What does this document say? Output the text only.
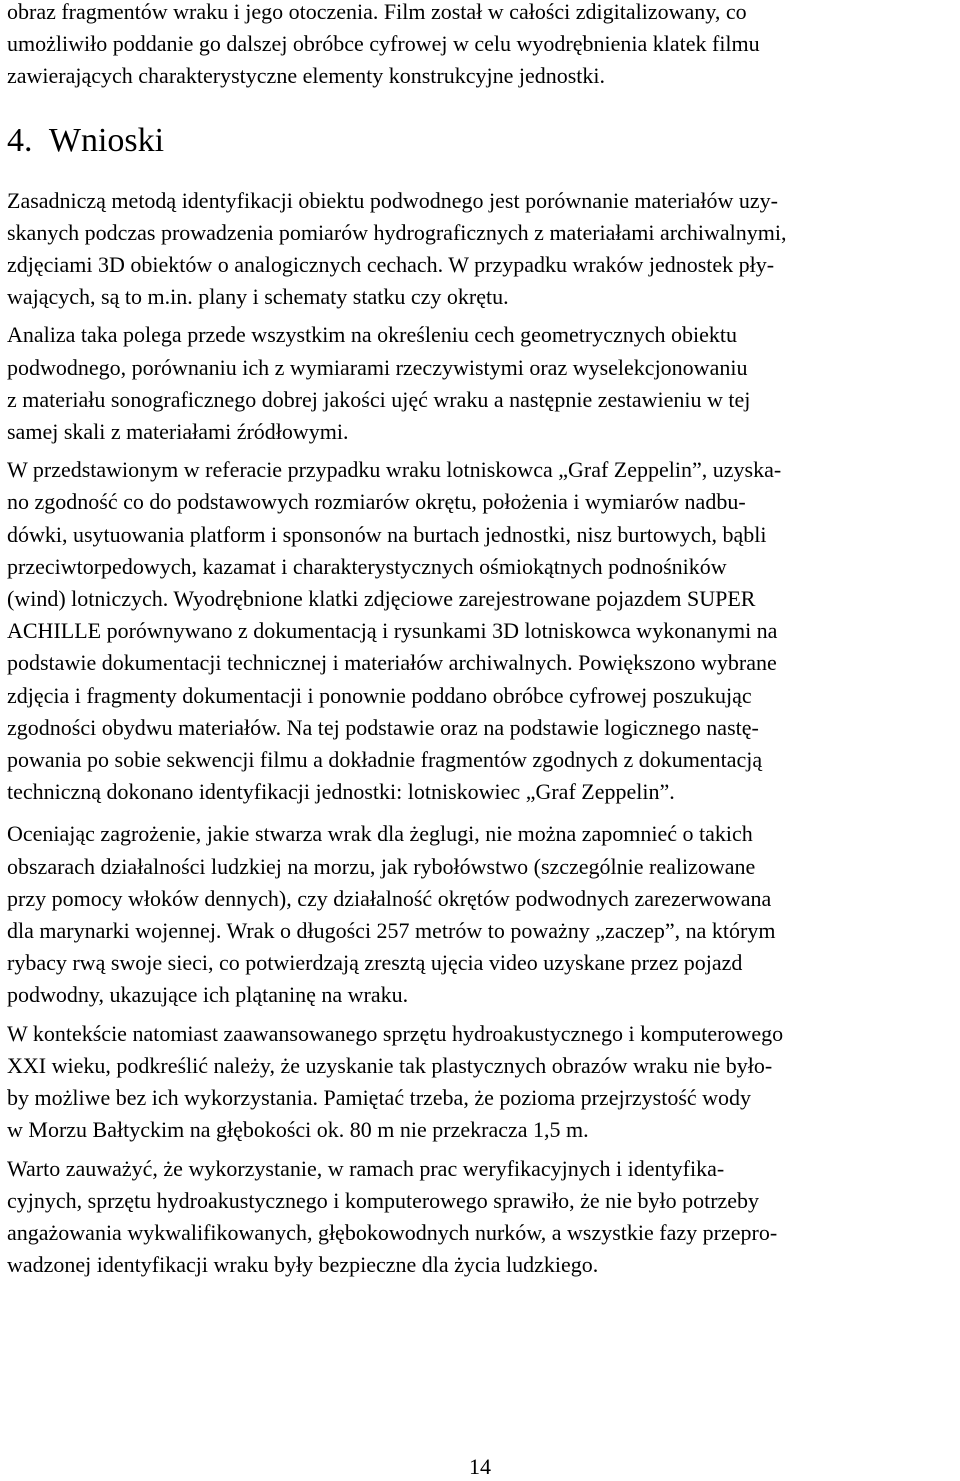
obraz fragmentów wraku i jego otoczenia. Film został w całości zdigitalizowany, co
umożliwiło poddanie go dalszej obróbce cyfrowej w celu wyodrębnienia klatek filmu
zawierających charakterystyczne elementy konstrukcyjne jednostki.

4.  Wnioski

Zasadniczą metodą identyfikacji obiektu podwodnego jest porównanie materiałów uzy-
skanych podczas prowadzenia pomiarów hydrograficznych z materiałami archiwalnymi,
zdjęciami 3D obiektów o analogicznych cechach. W przypadku wraków jednostek pły-
wających, są to m.in. plany i schematy statku czy okrętu.

Analiza taka polega przede wszystkim na określeniu cech geometrycznych obiektu
podwodnego, porównaniu ich z wymiarami rzeczywistymi oraz wyselekcjonowaniu
z materiału sonograficznego dobrej jakości ujęć wraku a następnie zestawieniu w tej
samej skali z materiałami źródłowymi.

W przedstawionym w referacie przypadku wraku lotniskowca „Graf Zeppelin”, uzyska-
no zgodność co do podstawowych rozmiarów okrętu, położenia i wymiarów nadbu-
dówki, usytuowania platform i sponsonów na burtach jednostki, nisz burtowych, bąbli
przeciwtorpedowych, kazamat i charakterystycznych ośmiokątnych podnośników
(wind) lotniczych. Wyodrębnione klatki zdjęciowe zarejestrowane pojazdem SUPER
ACHILLE porównywano z dokumentacją i rysunkami 3D lotniskowca wykonanymi na
podstawie dokumentacji technicznej i materiałów archiwalnych. Powiększono wybrane
zdjęcia i fragmenty dokumentacji i ponownie poddano obróbce cyfrowej poszukując
zgodności obydwu materiałów. Na tej podstawie oraz na podstawie logicznego nastę-
powania po sobie sekwencji filmu a dokładnie fragmentów zgodnych z dokumentacją
techniczną dokonano identyfikacji jednostki: lotniskowiec „Graf Zeppelin”.

Oceniając zagrożenie, jakie stwarza wrak dla żeglugi, nie można zapomnieć o takich
obszarach działalności ludzkiej na morzu, jak rybołówstwo (szczególnie realizowane
przy pomocy włoków dennych), czy działalność okrętów podwodnych zarezerwowana
dla marynarki wojennej. Wrak o długości 257 metrów to poważny „zaczep”, na którym
rybacy rwą swoje sieci, co potwierdzają zresztą ujęcia video uzyskane przez pojazd
podwodny, ukazujące ich plątaninę na wraku.

W kontekście natomiast zaawansowanego sprzętu hydroakustycznego i komputerowego
XXI wieku, podkreślić należy, że uzyskanie tak plastycznych obrazów wraku nie było-
by możliwe bez ich wykorzystania. Pamiętać trzeba, że pozioma przejrzystość wody
w Morzu Bałtyckim na głębokości ok. 80 m nie przekracza 1,5 m.

Warto zauważyć, że wykorzystanie, w ramach prac weryfikacyjnych i identyfika-
cyjnych, sprzętu hydroakustycznego i komputerowego sprawiło, że nie było potrzeby
angażowania wykwalifikowanych, głębokowodnych nurków, a wszystkie fazy przepro-
wadzonej identyfikacji wraku były bezpieczne dla życia ludzkiego.

14
